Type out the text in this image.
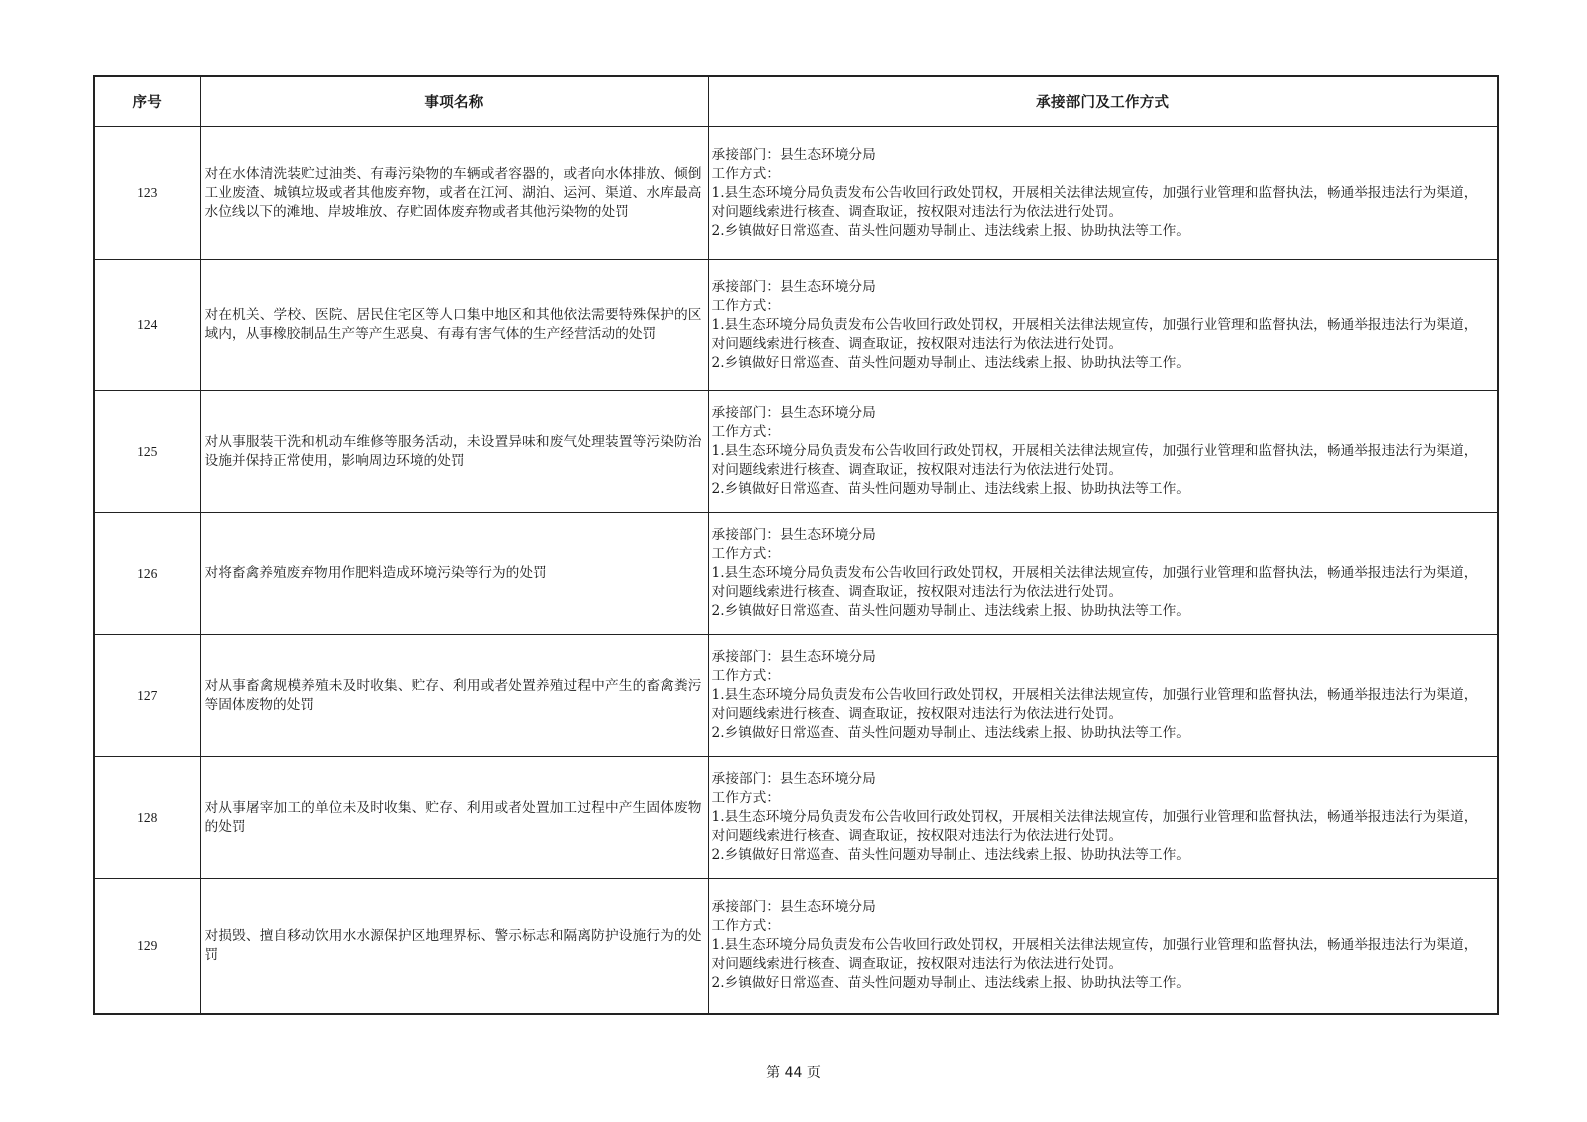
序号	事项名称	承接部门及工作方式
123	对在水体清洗装贮过油类、有毒污染物的车辆或者容器的，或者向水体排放、倾倒工业废渣、城镇垃圾或者其他废弃物，或者在江河、湖泊、运河、渠道、水库最高水位线以下的滩地、岸坡堆放、存贮固体废弃物或者其他污染物的处罚	承接部门：县生态环境分局
工作方式：
1.县生态环境分局负责发布公告收回行政处罚权，开展相关法律法规宣传，加强行业管理和监督执法，畅通举报违法行为渠道，对问题线索进行核查、调查取证，按权限对违法行为依法进行处罚。
2.乡镇做好日常巡查、苗头性问题劝导制止、违法线索上报、协助执法等工作。

124	对在机关、学校、医院、居民住宅区等人口集中地区和其他依法需要特殊保护的区域内，从事橡胶制品生产等产生恶臭、有毒有害气体的生产经营活动的处罚	承接部门：县生态环境分局
工作方式：
1.县生态环境分局负责发布公告收回行政处罚权，开展相关法律法规宣传，加强行业管理和监督执法，畅通举报违法行为渠道，对问题线索进行核查、调查取证，按权限对违法行为依法进行处罚。
2.乡镇做好日常巡查、苗头性问题劝导制止、违法线索上报、协助执法等工作。

125	对从事服装干洗和机动车维修等服务活动，未设置异味和废气处理装置等污染防治设施并保持正常使用，影响周边环境的处罚	承接部门：县生态环境分局
工作方式：
1.县生态环境分局负责发布公告收回行政处罚权，开展相关法律法规宣传，加强行业管理和监督执法，畅通举报违法行为渠道，对问题线索进行核查、调查取证，按权限对违法行为依法进行处罚。
2.乡镇做好日常巡查、苗头性问题劝导制止、违法线索上报、协助执法等工作。

126	对将畜禽养殖废弃物用作肥料造成环境污染等行为的处罚	承接部门：县生态环境分局
工作方式：
1.县生态环境分局负责发布公告收回行政处罚权，开展相关法律法规宣传，加强行业管理和监督执法，畅通举报违法行为渠道，对问题线索进行核查、调查取证，按权限对违法行为依法进行处罚。
2.乡镇做好日常巡查、苗头性问题劝导制止、违法线索上报、协助执法等工作。

127	对从事畜禽规模养殖未及时收集、贮存、利用或者处置养殖过程中产生的畜禽粪污等固体废物的处罚	承接部门：县生态环境分局
工作方式：
1.县生态环境分局负责发布公告收回行政处罚权，开展相关法律法规宣传，加强行业管理和监督执法，畅通举报违法行为渠道，对问题线索进行核查、调查取证，按权限对违法行为依法进行处罚。
2.乡镇做好日常巡查、苗头性问题劝导制止、违法线索上报、协助执法等工作。

128	对从事屠宰加工的单位未及时收集、贮存、利用或者处置加工过程中产生固体废物的处罚	承接部门：县生态环境分局
工作方式：
1.县生态环境分局负责发布公告收回行政处罚权，开展相关法律法规宣传，加强行业管理和监督执法，畅通举报违法行为渠道，对问题线索进行核查、调查取证，按权限对违法行为依法进行处罚。
2.乡镇做好日常巡查、苗头性问题劝导制止、违法线索上报、协助执法等工作。

129	对损毁、擅自移动饮用水水源保护区地理界标、警示标志和隔离防护设施行为的处罚	承接部门：县生态环境分局
工作方式：
1.县生态环境分局负责发布公告收回行政处罚权，开展相关法律法规宣传，加强行业管理和监督执法，畅通举报违法行为渠道，对问题线索进行核查、调查取证，按权限对违法行为依法进行处罚。
2.乡镇做好日常巡查、苗头性问题劝导制止、违法线索上报、协助执法等工作。
第 44 页
